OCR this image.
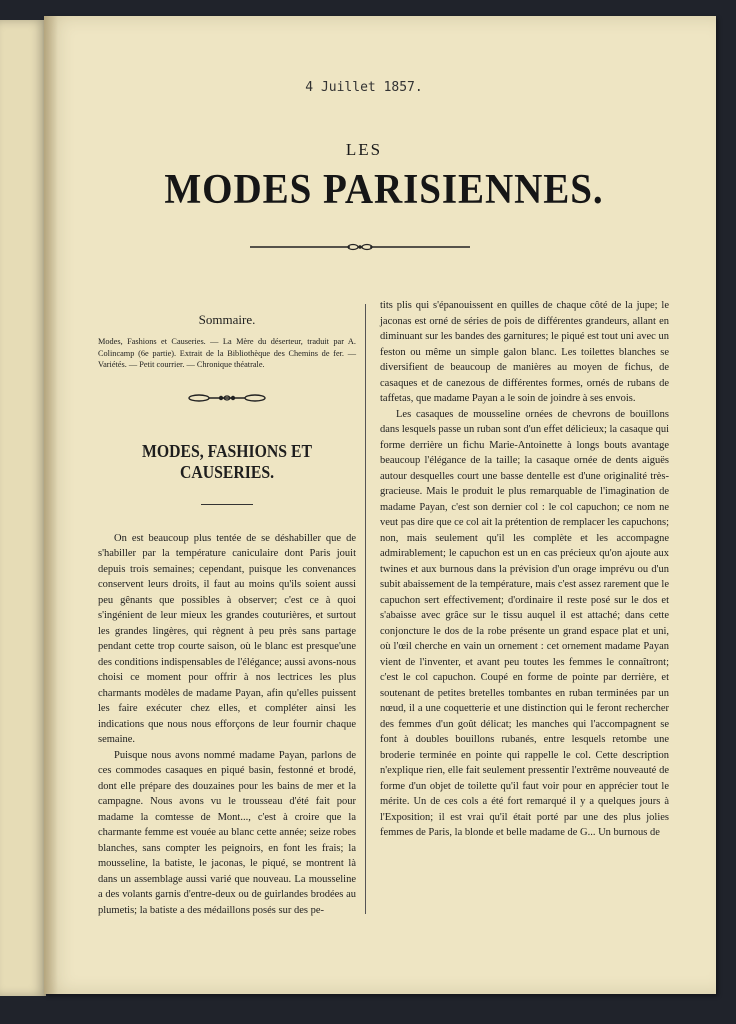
4 Juillet 1857.
LES
MODES PARISIENNES.

Sommaire.

Modes, Fashions et Causeries. — La Mère du déserteur, traduit par A. Colincamp (6e partie). Extrait de la Bibliothèque des Chemins de fer. — Variétés. — Petit courrier. — Chronique théatrale.

MODES, FASHIONS ET CAUSERIES.

On est beaucoup plus tentée de se déshabiller que de s'habiller par la température caniculaire dont Paris jouit depuis trois semaines; cependant, puisque les convenances conservent leurs droits, il faut au moins qu'ils soient aussi peu gênants que possibles à observer; c'est ce à quoi s'ingénient de leur mieux les grandes couturières, et surtout les grandes lingères, qui règnent à peu près sans partage pendant cette trop courte saison, où le blanc est presque'une des conditions indispensables de l'élégance; aussi avons-nous choisi ce moment pour offrir à nos lectrices les plus charmants modèles de madame Payan, afin qu'elles puissent les faire exécuter chez elles, et compléter ainsi les indications que nous nous efforçons de leur fournir chaque semaine.

Puisque nous avons nommé madame Payan, parlons de ces commodes casaques en piqué basin, festonné et brodé, dont elle prépare des douzaines pour les bains de mer et la campagne. Nous avons vu le trousseau d'été fait pour madame la comtesse de Mont..., c'est à croire que la charmante femme est vouée au blanc cette année; seize robes blanches, sans compter les peignoirs, en font les frais; la mousseline, la batiste, le jaconas, le piqué, se montrent là dans un assemblage aussi varié que nouveau. La mousseline a des volants garnis d'entre-deux ou de guirlandes brodées au plumetis; la batiste a des médaillons posés sur des pe-

tits plis qui s'épanouissent en quilles de chaque côté de la jupe; le jaconas est orné de séries de pois de différentes grandeurs, allant en diminuant sur les bandes des garnitures; le piqué est tout uni avec un feston ou même un simple galon blanc. Les toilettes blanches se diversifient de beaucoup de manières au moyen de fichus, de casaques et de canezous de différentes formes, ornés de rubans de taffetas, que madame Payan a le soin de joindre à ses envois.

Les casaques de mousseline ornées de chevrons de bouillons dans lesquels passe un ruban sont d'un effet délicieux; la casaque qui forme derrière un fichu Marie-Antoinette à longs bouts avantage beaucoup l'élégance de la taille; la casaque ornée de dents aiguës autour desquelles court une basse dentelle est d'une originalité très-gracieuse. Mais le produit le plus remarquable de l'imagination de madame Payan, c'est son dernier col : le col capuchon; ce nom ne veut pas dire que ce col ait la prétention de remplacer les capuchons; non, mais seulement qu'il les complète et les accompagne admirablement; le capuchon est un en cas précieux qu'on ajoute aux twines et aux burnous dans la prévision d'un orage imprévu ou d'un subit abaissement de la température, mais c'est assez rarement que le capuchon sert effectivement; d'ordinaire il reste posé sur le dos et s'abaisse avec grâce sur le tissu auquel il est attaché; dans cette conjoncture le dos de la robe présente un grand espace plat et uni, où l'œil cherche en vain un ornement : cet ornement madame Payan vient de l'inventer, et avant peu toutes les femmes le connaîtront; c'est le col capuchon. Coupé en forme de pointe par derrière, et soutenant de petites bretelles tombantes en ruban terminées par un nœud, il a une coquetterie et une distinction qui le feront rechercher des femmes d'un goût délicat; les manches qui l'accompagnent se font à doubles bouillons rubanés, entre lesquels retombe une broderie terminée en pointe qui rappelle le col. Cette description n'explique rien, elle fait seulement pressentir l'extrême nouveauté de forme d'un objet de toilette qu'il faut voir pour en apprécier tout le mérite. Un de ces cols a été fort remarqué il y a quelques jours à l'Exposition; il est vrai qu'il était porté par une des plus jolies femmes de Paris, la blonde et belle madame de G... Un burnous de
